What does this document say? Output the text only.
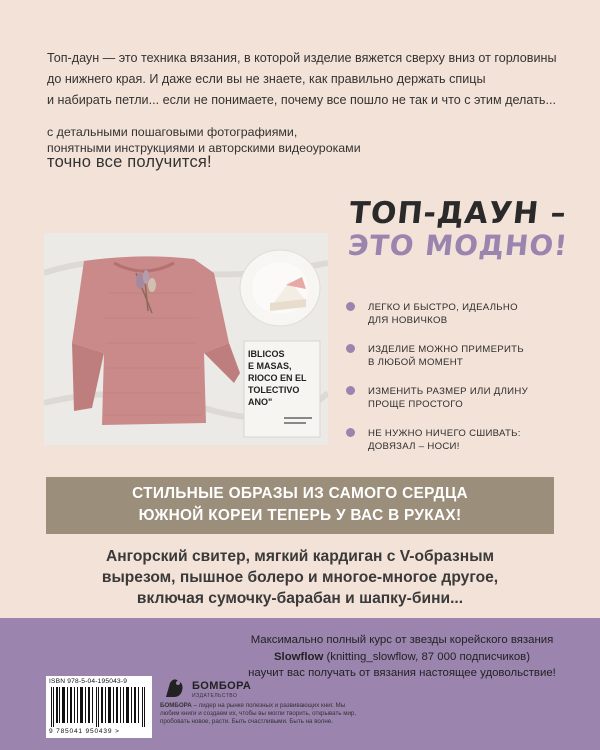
Топ-даун — это техника вязания, в которой изделие вяжется сверху вниз от горловины

до нижнего края. И даже если вы не знаете, как правильно держать спицы

и набирать петли... если не понимаете, почему все пошло не так и что с этим делать...

с детальными пошаговыми фотографиями,
понятными инструкциями и авторскими видеоуроками
точно все получится!
ТОП-ДАУН –
ЭТО МОДНО!
IBLICOS
E MASAS,
RIOCO EN EL
TOLECTIVO
ANO"
ЛЕГКО И БЫСТРО, ИДЕАЛЬНО
ДЛЯ НОВИЧКОВ
ИЗДЕЛИЕ МОЖНО ПРИМЕРИТЬ
В ЛЮБОЙ МОМЕНТ
ИЗМЕНИТЬ РАЗМЕР ИЛИ ДЛИНУ
ПРОЩЕ ПРОСТОГО
НЕ НУЖНО НИЧЕГО СШИВАТЬ:
ДОВЯЗАЛ – НОСИ!
СТИЛЬНЫЕ ОБРАЗЫ ИЗ САМОГО СЕРДЦА
ЮЖНОЙ КОРЕИ ТЕПЕРЬ У ВАС В РУКАХ!
Ангорский свитер, мягкий кардиган с V-образным
вырезом, пышное болеро и многое-многое другое,
включая сумочку-барабан и шапку-бини...
Максимально полный курс от звезды корейского вязания
Slowflow (knitting_slowflow, 87 000 подписчиков)
научит вас получать от вязания настоящее удовольствие!
ISBN 978-5-04-195043-9
9 785041 950439 >
БОМБОРА
ИЗДАТЕЛЬСТВО
БОМБОРА – лидер на рынке полезных и развивающих книг. Мы любим книги и создаем их, чтобы вы могли творить, открывать мир, пробовать новое, расти. Быть счастливыми. Быть на волне.
